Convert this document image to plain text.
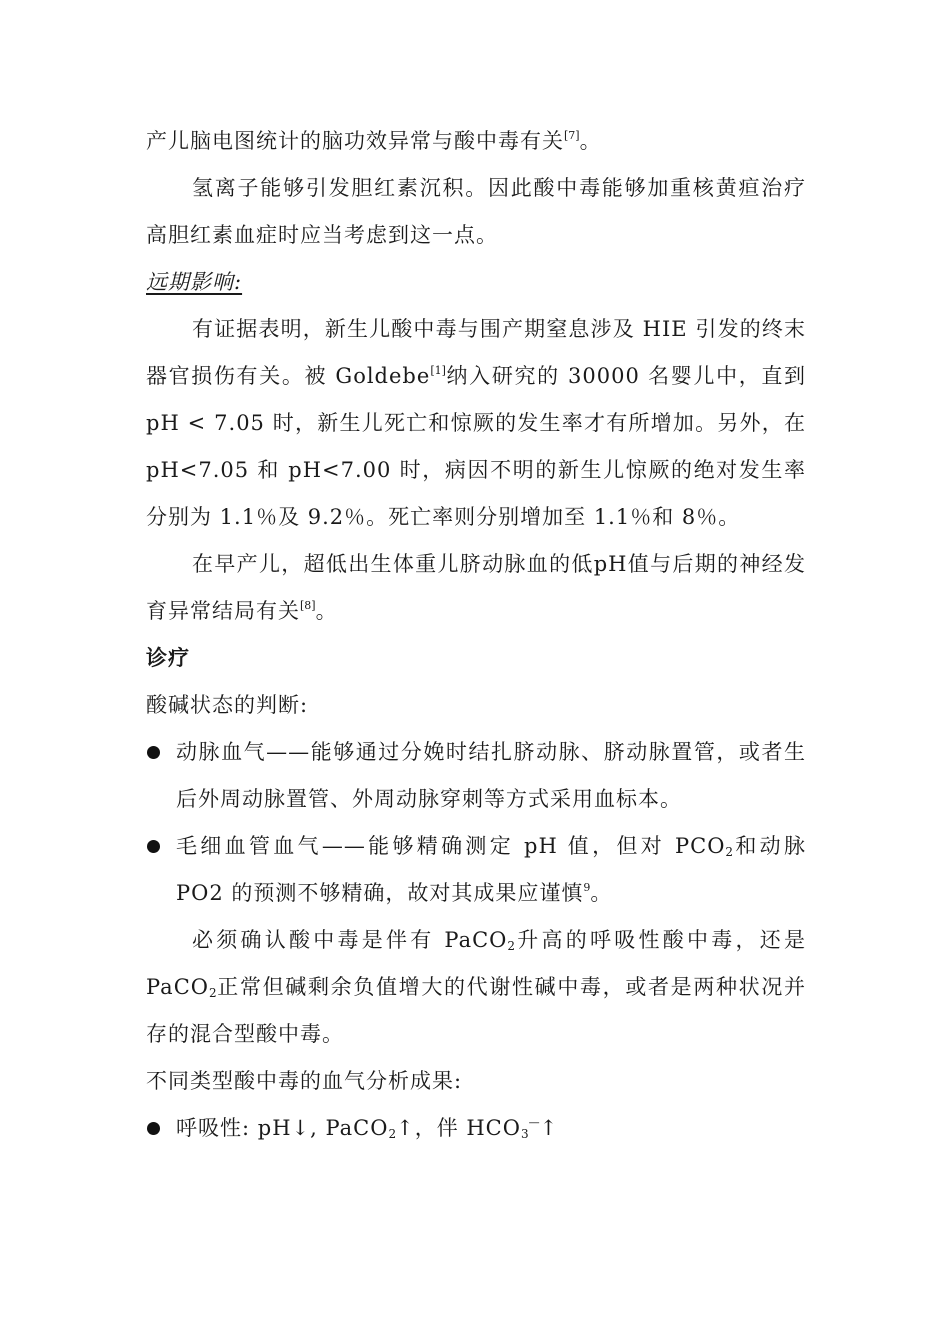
产儿脑电图统计的脑功效异常与酸中毒有关[7]。

氢离子能够引发胆红素沉积。因此酸中毒能够加重核黄疸治疗高胆红素血症时应当考虑到这一点。

远期影响:

有证据表明，新生儿酸中毒与围产期窒息涉及 HIE 引发的终末器官损伤有关。被 Goldebe[1]纳入研究的 30000 名婴儿中，直到 pH < 7.05 时，新生儿死亡和惊厥的发生率才有所增加。另外，在 pH<7.05 和 pH<7.00 时，病因不明的新生儿惊厥的绝对发生率分别为 1.1％及 9.2％。死亡率则分别增加至 1.1％和 8％。

在早产儿，超低出生体重儿脐动脉血的低pH值与后期的神经发育异常结局有关[8]。

诊疗

酸碱状态的判断:

动脉血气——能够通过分娩时结扎脐动脉、脐动脉置管，或者生后外周动脉置管、外周动脉穿刺等方式采用血标本。

毛细血管血气——能够精确测定 pH 值，但对 $PCO_2$和动脉 PO2 的预测不够精确，故对其成果应谨慎$^9$。

必须确认酸中毒是伴有 PaCO$_2$升高的呼吸性酸中毒，还是 PaCO$_2$正常但碱剩余负值增大的代谢性碱中毒，或者是两种状况并存的混合型酸中毒。

不同类型酸中毒的血气分析成果:

呼吸性: pH↓, PaCO$_2$↑，伴 $HCO_3^—↑$
